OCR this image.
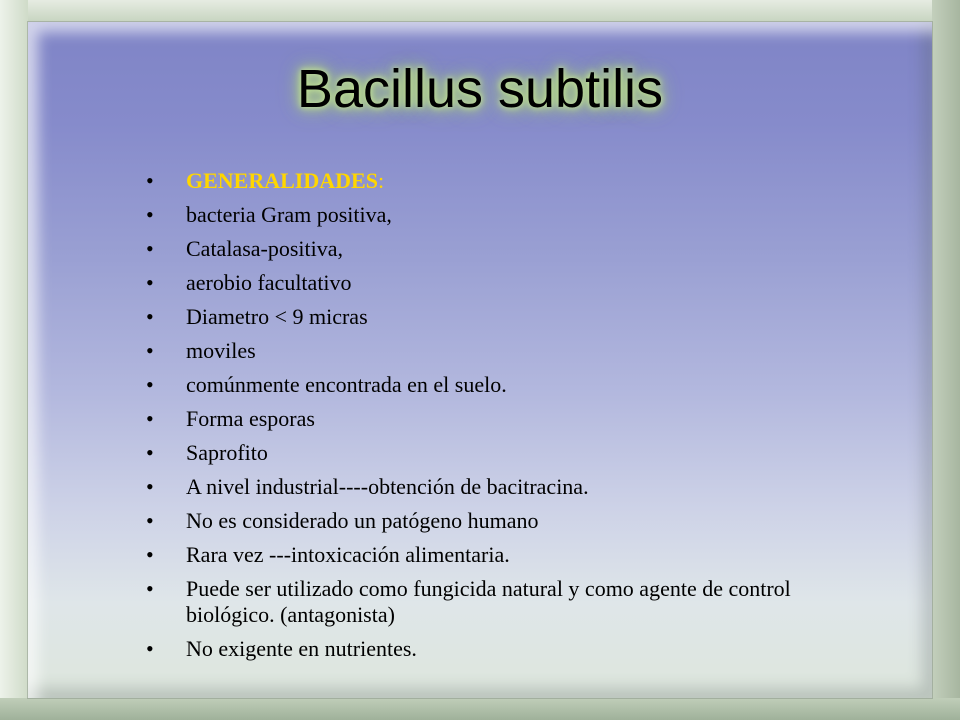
Bacillus subtilis
•	GENERALIDADES:
•	bacteria Gram positiva,
•	Catalasa-positiva,
•	aerobio facultativo
•	Diametro < 9 micras
•	moviles
•	comúnmente encontrada en el suelo.
•	Forma esporas
•	Saprofito
•	A nivel industrial----obtención de bacitracina.
•	No es considerado un patógeno humano
•	Rara vez ---intoxicación alimentaria.
•	Puede ser utilizado como fungicida natural y como agente de control biológico. (antagonista)
•	No exigente en nutrientes.
